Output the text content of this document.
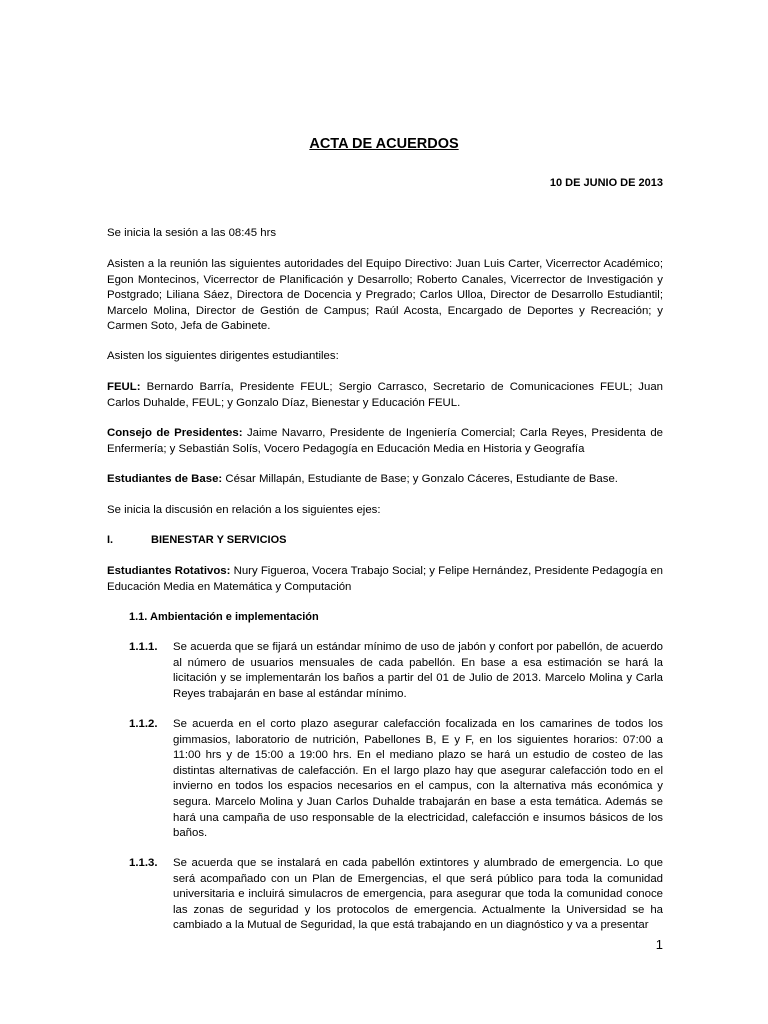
ACTA DE ACUERDOS
10 DE JUNIO DE 2013

Se inicia la sesión a las 08:45 hrs

Asisten a la reunión las siguientes autoridades del Equipo Directivo: Juan Luis Carter, Vicerrector Académico; Egon Montecinos, Vicerrector de Planificación y Desarrollo; Roberto Canales, Vicerrector de Investigación y Postgrado; Liliana Sáez, Directora de Docencia y Pregrado; Carlos Ulloa, Director de Desarrollo Estudiantil; Marcelo Molina, Director de Gestión de Campus; Raúl Acosta, Encargado de Deportes y Recreación; y Carmen Soto, Jefa de Gabinete.

Asisten los siguientes dirigentes estudiantiles:

FEUL: Bernardo Barría, Presidente FEUL; Sergio Carrasco, Secretario de Comunicaciones FEUL; Juan Carlos Duhalde, FEUL; y Gonzalo Díaz, Bienestar y Educación FEUL.

Consejo de Presidentes: Jaime Navarro, Presidente de Ingeniería Comercial; Carla Reyes, Presidenta de Enfermería; y Sebastián Solís, Vocero Pedagogía en Educación Media en Historia y Geografía

Estudiantes de Base: César Millapán, Estudiante de Base; y Gonzalo Cáceres, Estudiante de Base.

Se inicia la discusión en relación a los siguientes ejes:

I.	BIENESTAR Y SERVICIOS

Estudiantes Rotativos: Nury Figueroa, Vocera Trabajo Social; y Felipe Hernández, Presidente Pedagogía en Educación Media en Matemática y Computación

1.1. Ambientación e implementación
1.1.1. Se acuerda que se fijará un estándar mínimo de uso de jabón y confort por pabellón, de acuerdo al número de usuarios mensuales de cada pabellón. En base a esa estimación se hará la licitación y se implementarán los baños a partir del 01 de Julio de 2013. Marcelo Molina y Carla Reyes trabajarán en base al estándar mínimo.

1.1.2. Se acuerda en el corto plazo asegurar calefacción focalizada en los camarines de todos los gimmasios, laboratorio de nutrición, Pabellones B, E y F, en los siguientes horarios: 07:00 a 11:00 hrs y de 15:00 a 19:00 hrs. En el mediano plazo se hará un estudio de costeo de las distintas alternativas de calefacción. En el largo plazo hay que asegurar calefacción todo en el invierno en todos los espacios necesarios en el campus, con la alternativa más económica y segura. Marcelo Molina y Juan Carlos Duhalde trabajarán en base a esta temática. Además se hará una campaña de uso responsable de la electricidad, calefacción e insumos básicos de los baños.

1.1.3. Se acuerda que se instalará en cada pabellón extintores y alumbrado de emergencia. Lo que será acompañado con un Plan de Emergencias, el que será público para toda la comunidad universitaria e incluirá simulacros de emergencia, para asegurar que toda la comunidad conoce las zonas de seguridad y los protocolos de emergencia. Actualmente la Universidad se ha cambiado a la Mutual de Seguridad, la que está trabajando en un diagnóstico y va a presentar

1
